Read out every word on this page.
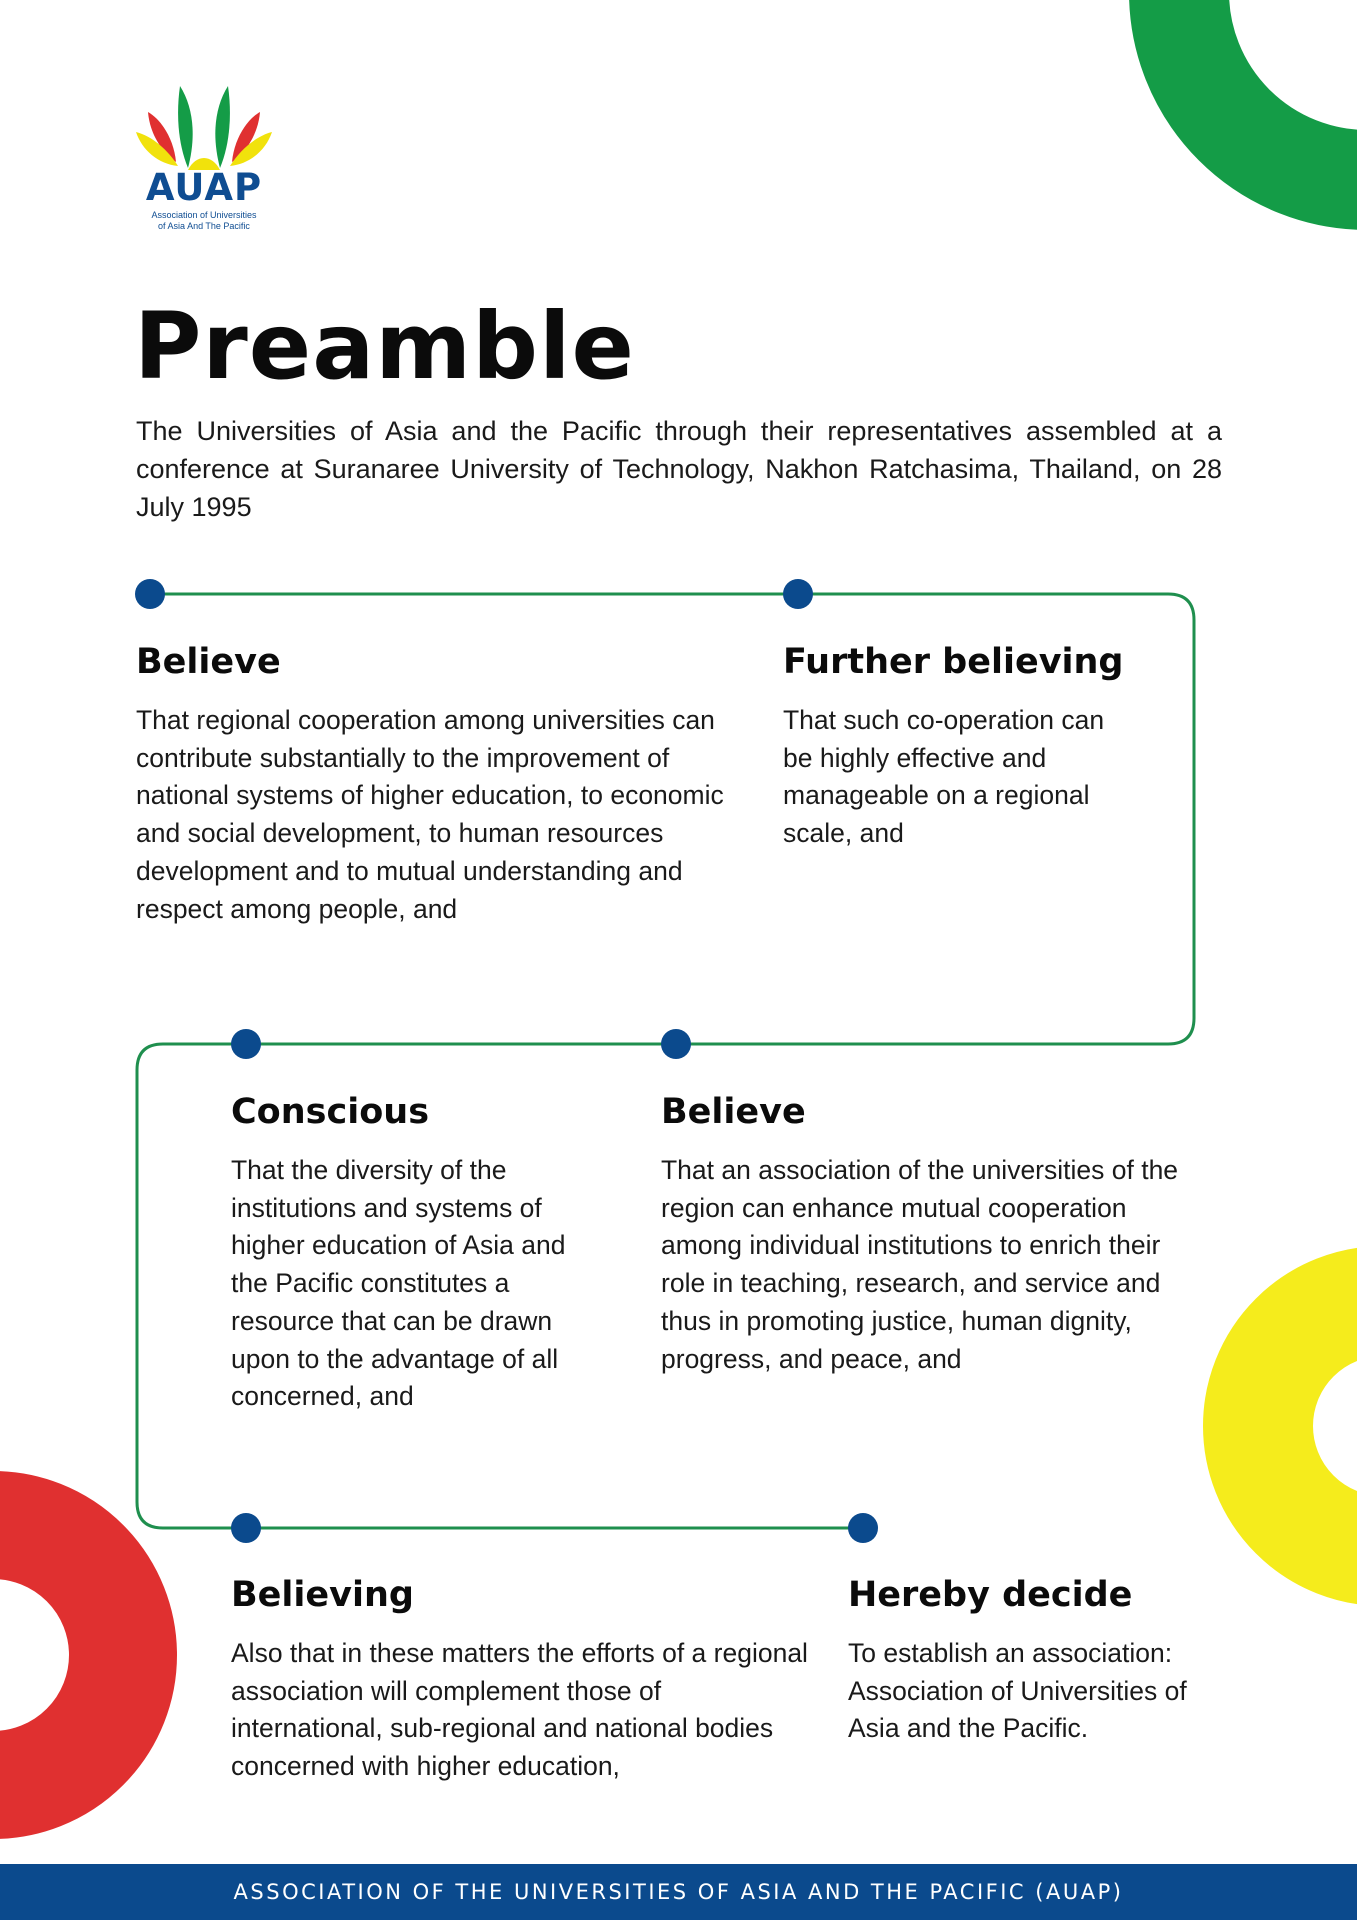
AUAP
Association of Universities
of Asia And The Pacific
Preamble
The Universities of Asia and the Pacific through their representatives assembled at a conference at Suranaree University of Technology, Nakhon Ratchasima, Thailand, on 28 July 1995
Believe
That regional cooperation among universities can contribute substantially to the improvement of national systems of higher education, to economic and social development, to human resources development and to mutual understanding and respect among people, and
Further believing
That such co-operation can be highly effective and manageable on a regional scale, and
Conscious
That the diversity of the institutions and systems of higher education of Asia and the Pacific constitutes a resource that can be drawn upon to the advantage of all concerned, and
Believe
That an association of the universities of the region can enhance mutual cooperation among individual institutions to enrich their role in teaching, research, and service and thus in promoting justice, human dignity, progress, and peace, and
Believing
Also that in these matters the efforts of a regional association will complement those of international, sub-regional and national bodies concerned with higher education,
Hereby decide
To establish an association: Association of Universities of Asia and the Pacific.
ASSOCIATION OF THE UNIVERSITIES OF ASIA AND THE PACIFIC (AUAP)
